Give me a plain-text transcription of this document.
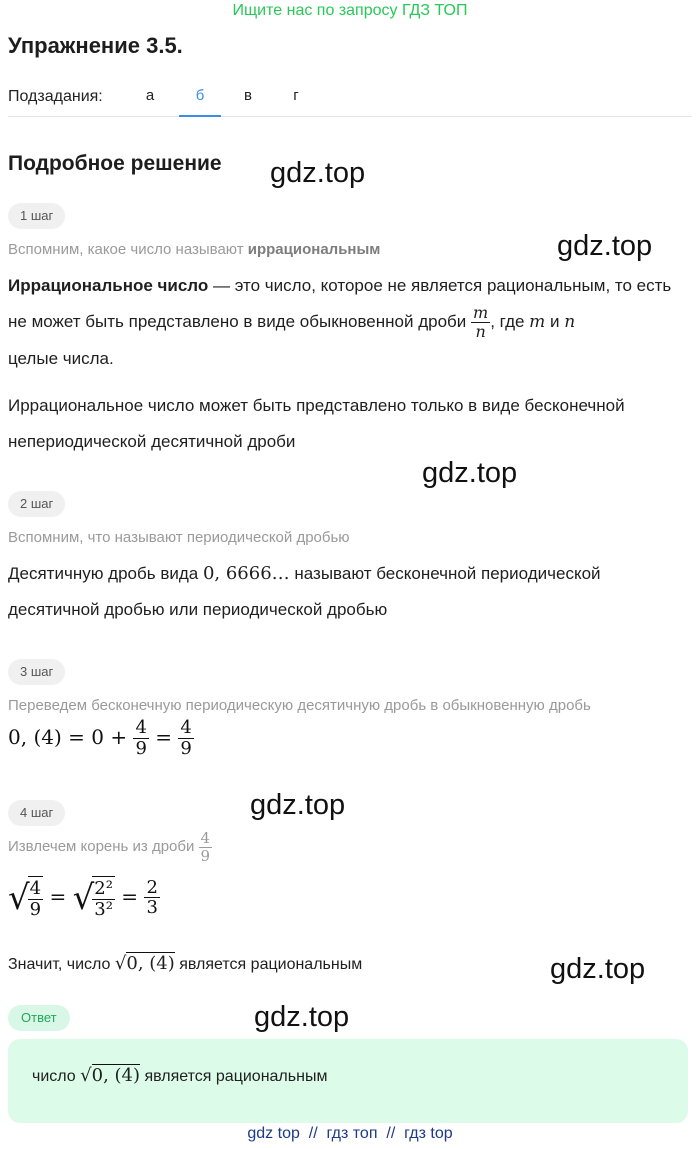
Ищите нас по запросу ГДЗ ТОП
Упражнение 3.5.
Подзадания:	а	б	в	г
Подробное решение gdz.top
gdz.top
gdz.top
gdz.top
gdz.top
gdz.top
1 шаг
Вспомним, какое число называют иррациональным
Иррациональное число — это число, которое не является рациональным, то есть не может быть представлено в виде обыкновенной дроби $\frac{m}{n}$ , где m и n
целые числа.
Иррациональное число может быть представлено только в виде бесконечной непериодической десятичной дроби
2 шаг
Вспомним, что называют периодической дробью
Десятичную дробь вида 0, 6666… называют бесконечной периодической десятичной дробью или периодической дробью
3 шаг
Переведем бесконечную периодическую десятичную дробь в обыкновенную дробь
0, $(4) = 0 + \frac{4}{9} = \frac{4}{9}$
4 шаг
Извлечем корень из дроби $\frac{4}{9}$
√
$\frac{4}{9}$ = √
$\frac{\text{2²}}{\text{3²}} = \frac{2}{3}$
Значит, число √0, (4) является рациональным
Ответ
число √0, (4) является рациональным
gdz top  //  гдз топ  //  гдз top
